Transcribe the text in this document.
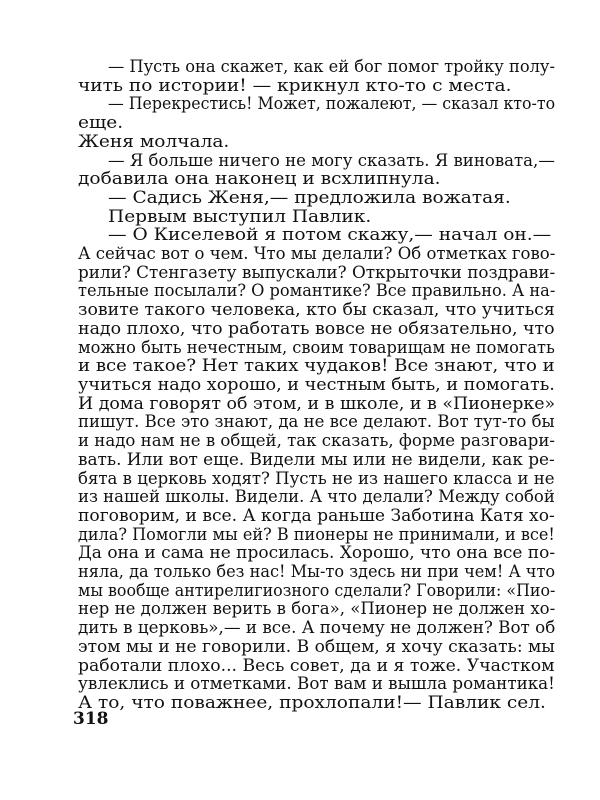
— Пусть она скажет, как ей бог помог тройку полу-
чить по истории! — крикнул кто-то с места.
— Перекрестись! Может, пожалеют, — сказал кто-то
еще.
Женя молчала.
— Я больше ничего не могу сказать. Я виновата,—
добавила она наконец и всхлипнула.
— Садись Женя,— предложила вожатая.
Первым выступил Павлик.
— О Киселевой я потом скажу,— начал он.—
А сейчас вот о чем. Что мы делали? Об отметках гово-
рили? Стенгазету выпускали? Открыточки поздрави-
тельные посылали? О романтике? Все правильно. А на-
зовите такого человека, кто бы сказал, что учиться
надо плохо, что работать вовсе не обязательно, что
можно быть нечестным, своим товарищам не помогать
и все такое? Нет таких чудаков! Все знают, что и
учиться надо хорошо, и честным быть, и помогать.
И дома говорят об этом, и в школе, и в «Пионерке»
пишут. Все это знают, да не все делают. Вот тут-то бы
и надо нам не в общей, так сказать, форме разговари-
вать. Или вот еще. Видели мы или не видели, как ре-
бята в церковь ходят? Пусть не из нашего класса и не
из нашей школы. Видели. А что делали? Между собой
поговорим, и все. А когда раньше Заботина Катя хо-
дила? Помогли мы ей? В пионеры не принимали, и все!
Да она и сама не просилась. Хорошо, что она все по-
няла, да только без нас! Мы-то здесь ни при чем! А что
мы вообще антирелигиозного сделали? Говорили: «Пио-
нер не должен верить в бога», «Пионер не должен хо-
дить в церковь»,— и все. А почему не должен? Вот об
этом мы и не говорили. В общем, я хочу сказать: мы
работали плохо... Весь совет, да и я тоже. Участком
увлеклись и отметками. Вот вам и вышла романтика!
А то, что поважнее, прохлопали!— Павлик сел.
318
